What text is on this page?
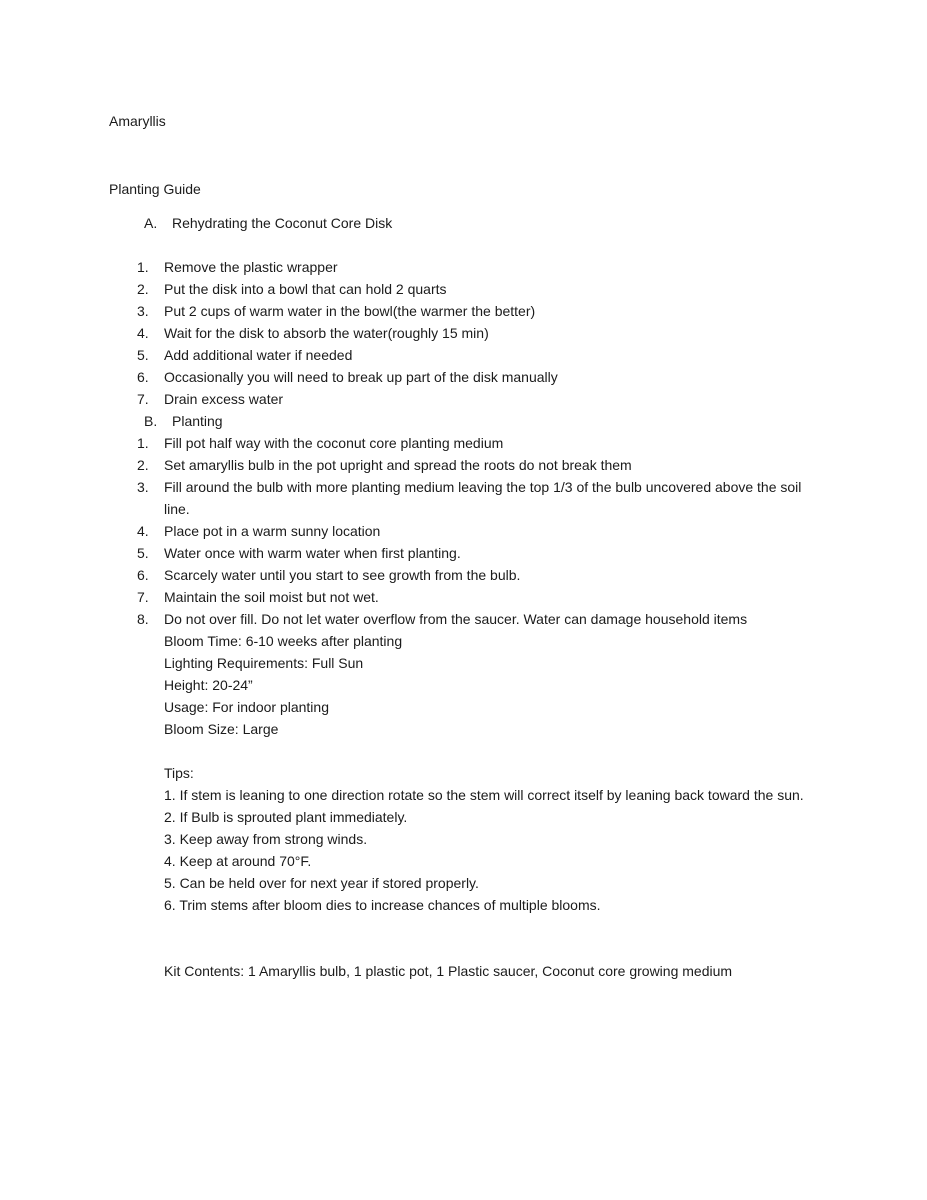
Amaryllis

Planting Guide

A. Rehydrating the Coconut Core Disk

Remove the plastic wrapper
Put the disk into a bowl that can hold 2 quarts
Put 2 cups of warm water in the bowl(the warmer the better)
Wait for the disk to absorb the water(roughly 15 min)
Add additional water if needed
Occasionally you will need to break up part of the disk manually
Drain excess water

B. Planting

Fill pot half way with the coconut core planting medium
Set amaryllis bulb in the pot upright and spread the roots do not break them
Fill around the bulb with more planting medium leaving the top 1/3 of the bulb uncovered above the soil line.
Place pot in a warm sunny location
Water once with warm water when first planting.
Scarcely water until you start to see growth from the bulb.
Maintain the soil moist but not wet.
Do not over fill. Do not let water overflow from the saucer. Water can damage household items
Bloom Time: 6-10 weeks after planting
Lighting Requirements: Full Sun
Height: 20-24”
Usage: For indoor planting
Bloom Size: Large
Tips:
1. If stem is leaning to one direction rotate so the stem will correct itself by leaning back toward the sun.
2. If Bulb is sprouted plant immediately.
3. Keep away from strong winds.
4. Keep at around 70°F.
5. Can be held over for next year if stored properly.
6. Trim stems after bloom dies to increase chances of multiple blooms.

Kit Contents: 1 Amaryllis bulb, 1 plastic pot, 1 Plastic saucer, Coconut core growing medium
